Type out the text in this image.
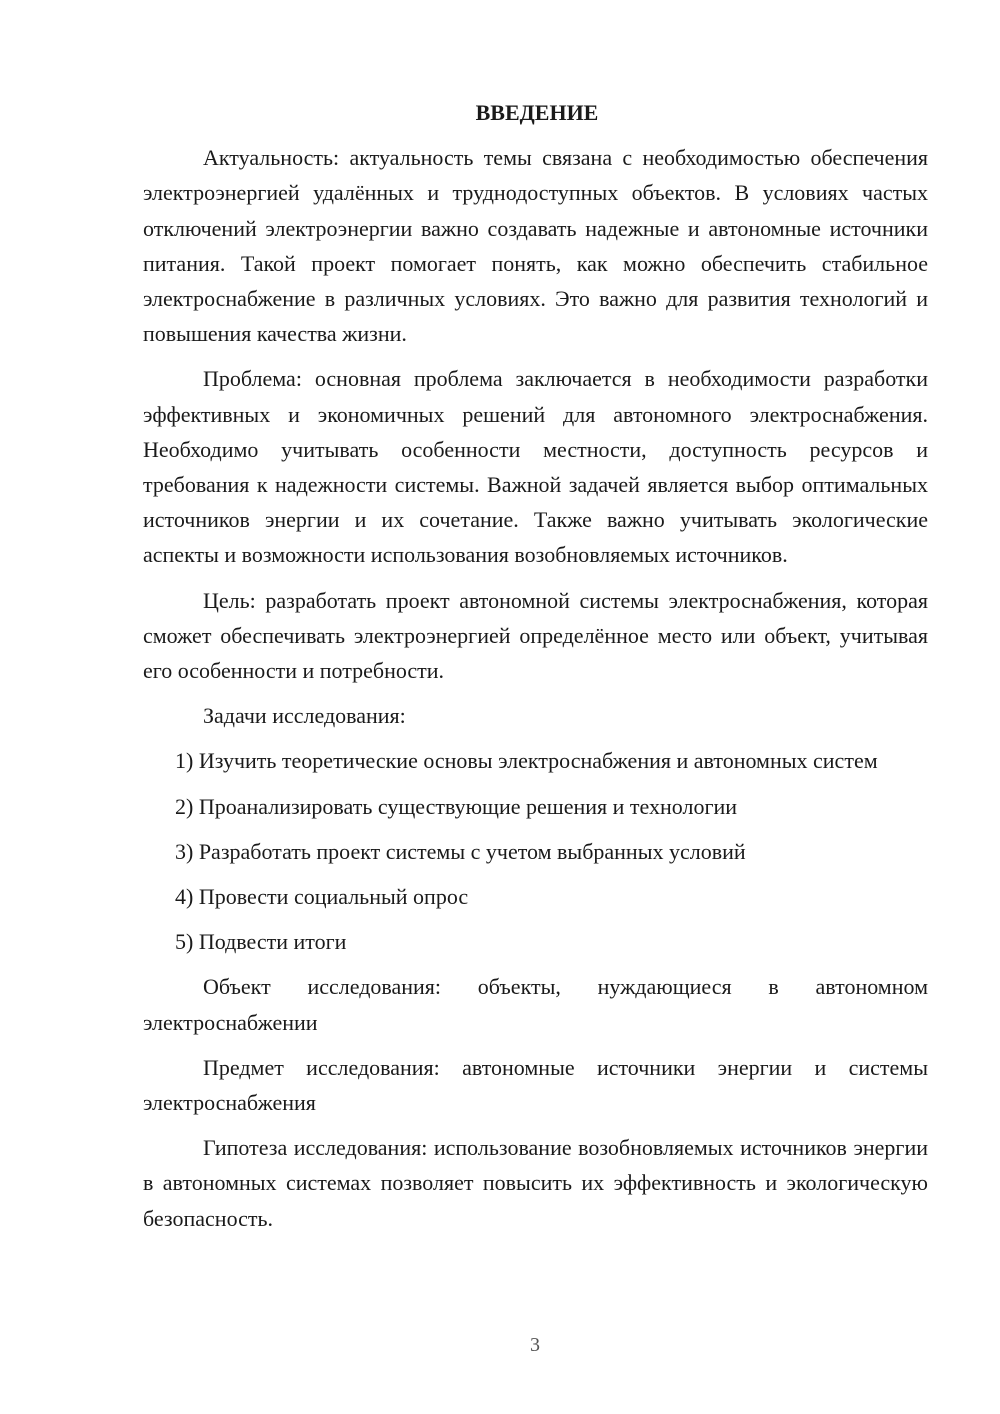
ВВЕДЕНИЕ

Актуальность: актуальность темы связана с необходимостью обеспечения электроэнергией удалённых и труднодоступных объектов. В условиях частых отключений электроэнергии важно создавать надежные и автономные источники питания. Такой проект помогает понять, как можно обеспечить стабильное электроснабжение в различных условиях. Это важно для развития технологий и повышения качества жизни.

Проблема: основная проблема заключается в необходимости разработки эффективных и экономичных решений для автономного электроснабжения. Необходимо учитывать особенности местности, доступность ресурсов и требования к надежности системы. Важной задачей является выбор оптимальных источников энергии и их сочетание. Также важно учитывать экологические аспекты и возможности использования возобновляемых источников.

Цель: разработать проект автономной системы электроснабжения, которая сможет обеспечивать электроэнергией определённое место или объект, учитывая его особенности и потребности.

Задачи исследования:

1) Изучить теоретические основы электроснабжения и автономных систем

2) Проанализировать существующие решения и технологии

3) Разработать проект системы с учетом выбранных условий

4) Провести социальный опрос

5) Подвести итоги

Объект исследования: объекты, нуждающиеся в автономном электроснабжении

Предмет исследования: автономные источники энергии и системы электроснабжения

Гипотеза исследования: использование возобновляемых источников энергии в автономных системах позволяет повысить их эффективность и экологическую безопасность.

3
